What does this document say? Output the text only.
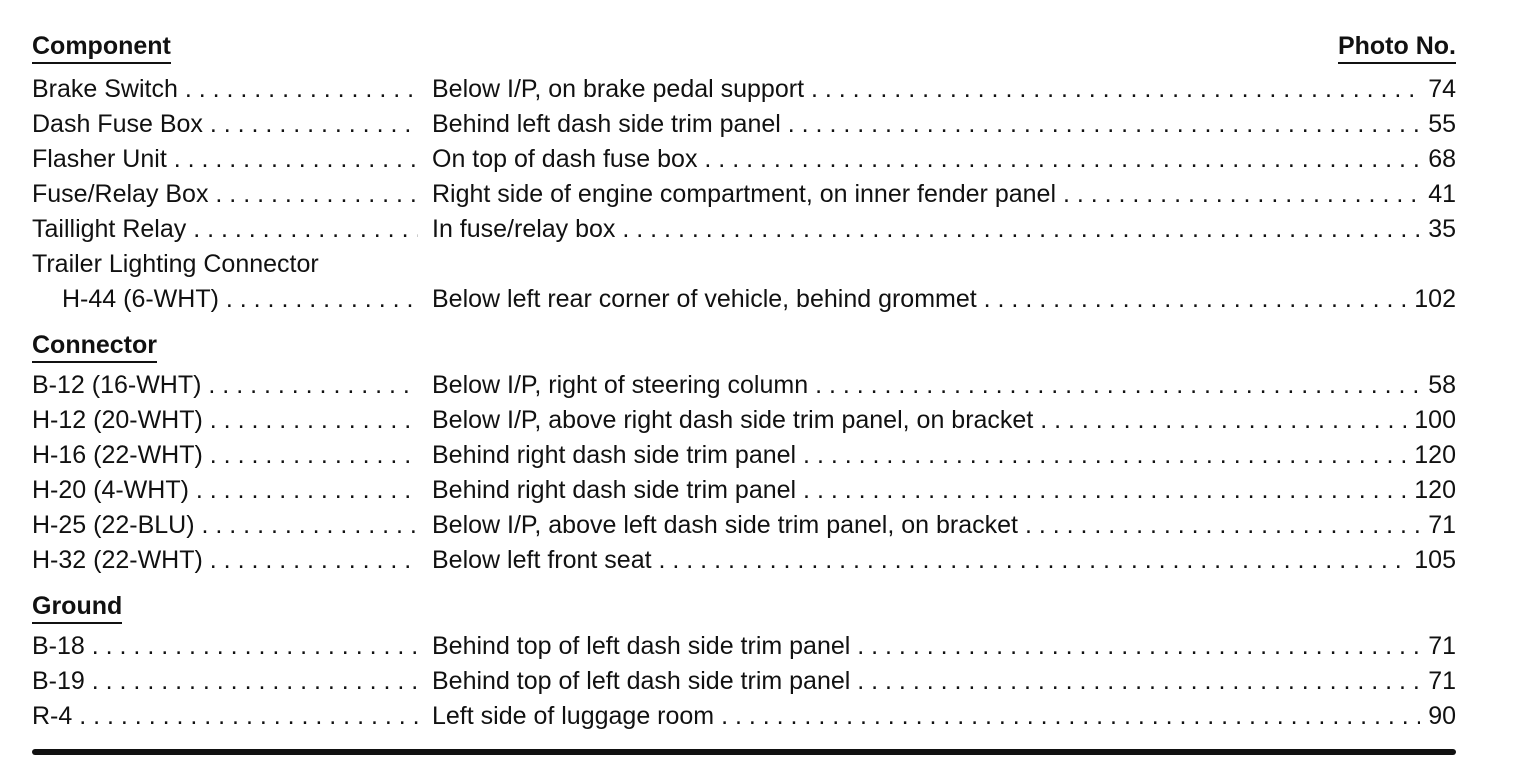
Component	Photo No.
Brake Switch . . .	Below I/P, on brake pedal support . . .	74
Dash Fuse Box . . .	Behind left dash side trim panel . . .	55
Flasher Unit . . .	On top of dash fuse box . . .	68
Fuse/Relay Box . . .	Right side of engine compartment, on inner fender panel . . .	41
Taillight Relay . . .	In fuse/relay box . . .	35
Trailer Lighting Connector
H-44 (6-WHT) . . .	Below left rear corner of vehicle, behind grommet . . .	102
Connector
B-12 (16-WHT) . . .	Below I/P, right of steering column . . .	58
H-12 (20-WHT) . . .	Below I/P, above right dash side trim panel, on bracket . . .	100
H-16 (22-WHT) . . .	Behind right dash side trim panel . . .	120
H-20 (4-WHT) . . .	Behind right dash side trim panel . . .	120
H-25 (22-BLU) . . .	Below I/P, above left dash side trim panel, on bracket . . .	71
H-32 (22-WHT) . . .	Below left front seat . . .	105
Ground
B-18 . . .	Behind top of left dash side trim panel . . .	71
B-19 . . .	Behind top of left dash side trim panel . . .	71
R-4 . . .	Left side of luggage room . . .	90
